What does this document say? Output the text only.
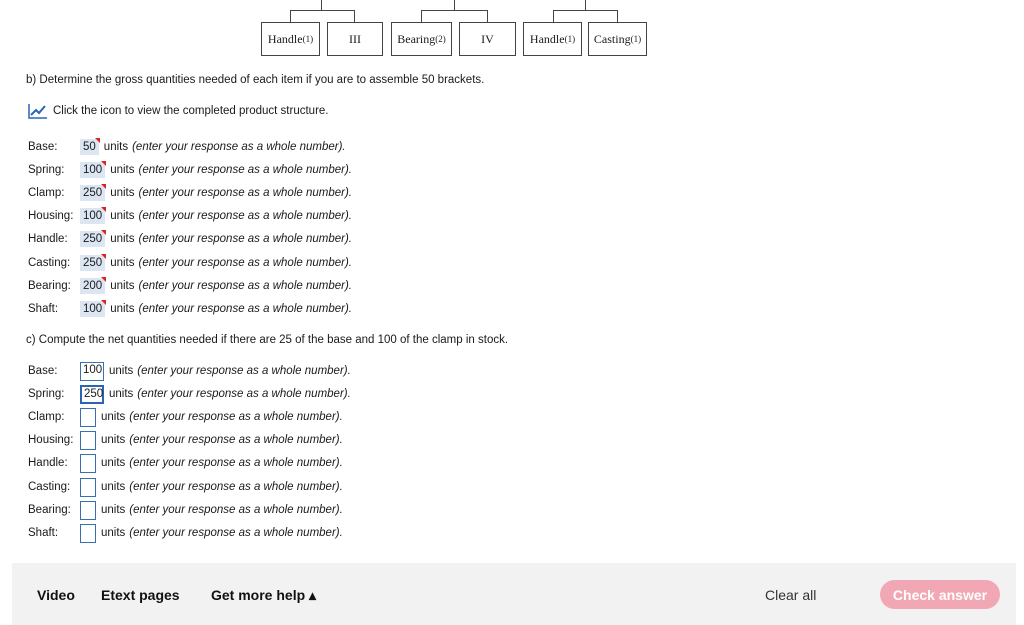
Handle (1)	III	Bearing (2)	IV	Handle (1) Casting (1)
b) Determine the gross quantities needed of each item if you are to assemble 50 brackets.
Click the icon to view the completed product structure.
Base:	50 units (enter your response as a whole number).
Spring:	100 units (enter your response as a whole number).
Clamp:	250 units (enter your response as a whole number).
Housing: 100 units (enter your response as a whole number).
Handle:	250 units (enter your response as a whole number).
Casting:	250 units (enter your response as a whole number).
Bearing:	200 units (enter your response as a whole number).
Shaft:	100 units (enter your response as a whole number).
c) Compute the net quantities needed if there are 25 of the base and 100 of the clamp in stock.
Base:	100 units (enter your response as a whole number).
Spring:	250 units (enter your response as a whole number).
Clamp:	units (enter your response as a whole number).
Housing:	units (enter your response as a whole number).
Handle:	units (enter your response as a whole number).
Casting:	units (enter your response as a whole number).
Bearing:	units (enter your response as a whole number).
Shaft:	units (enter your response as a whole number).
Video Etext pages Get more help ▴	Clear all	Check answer
